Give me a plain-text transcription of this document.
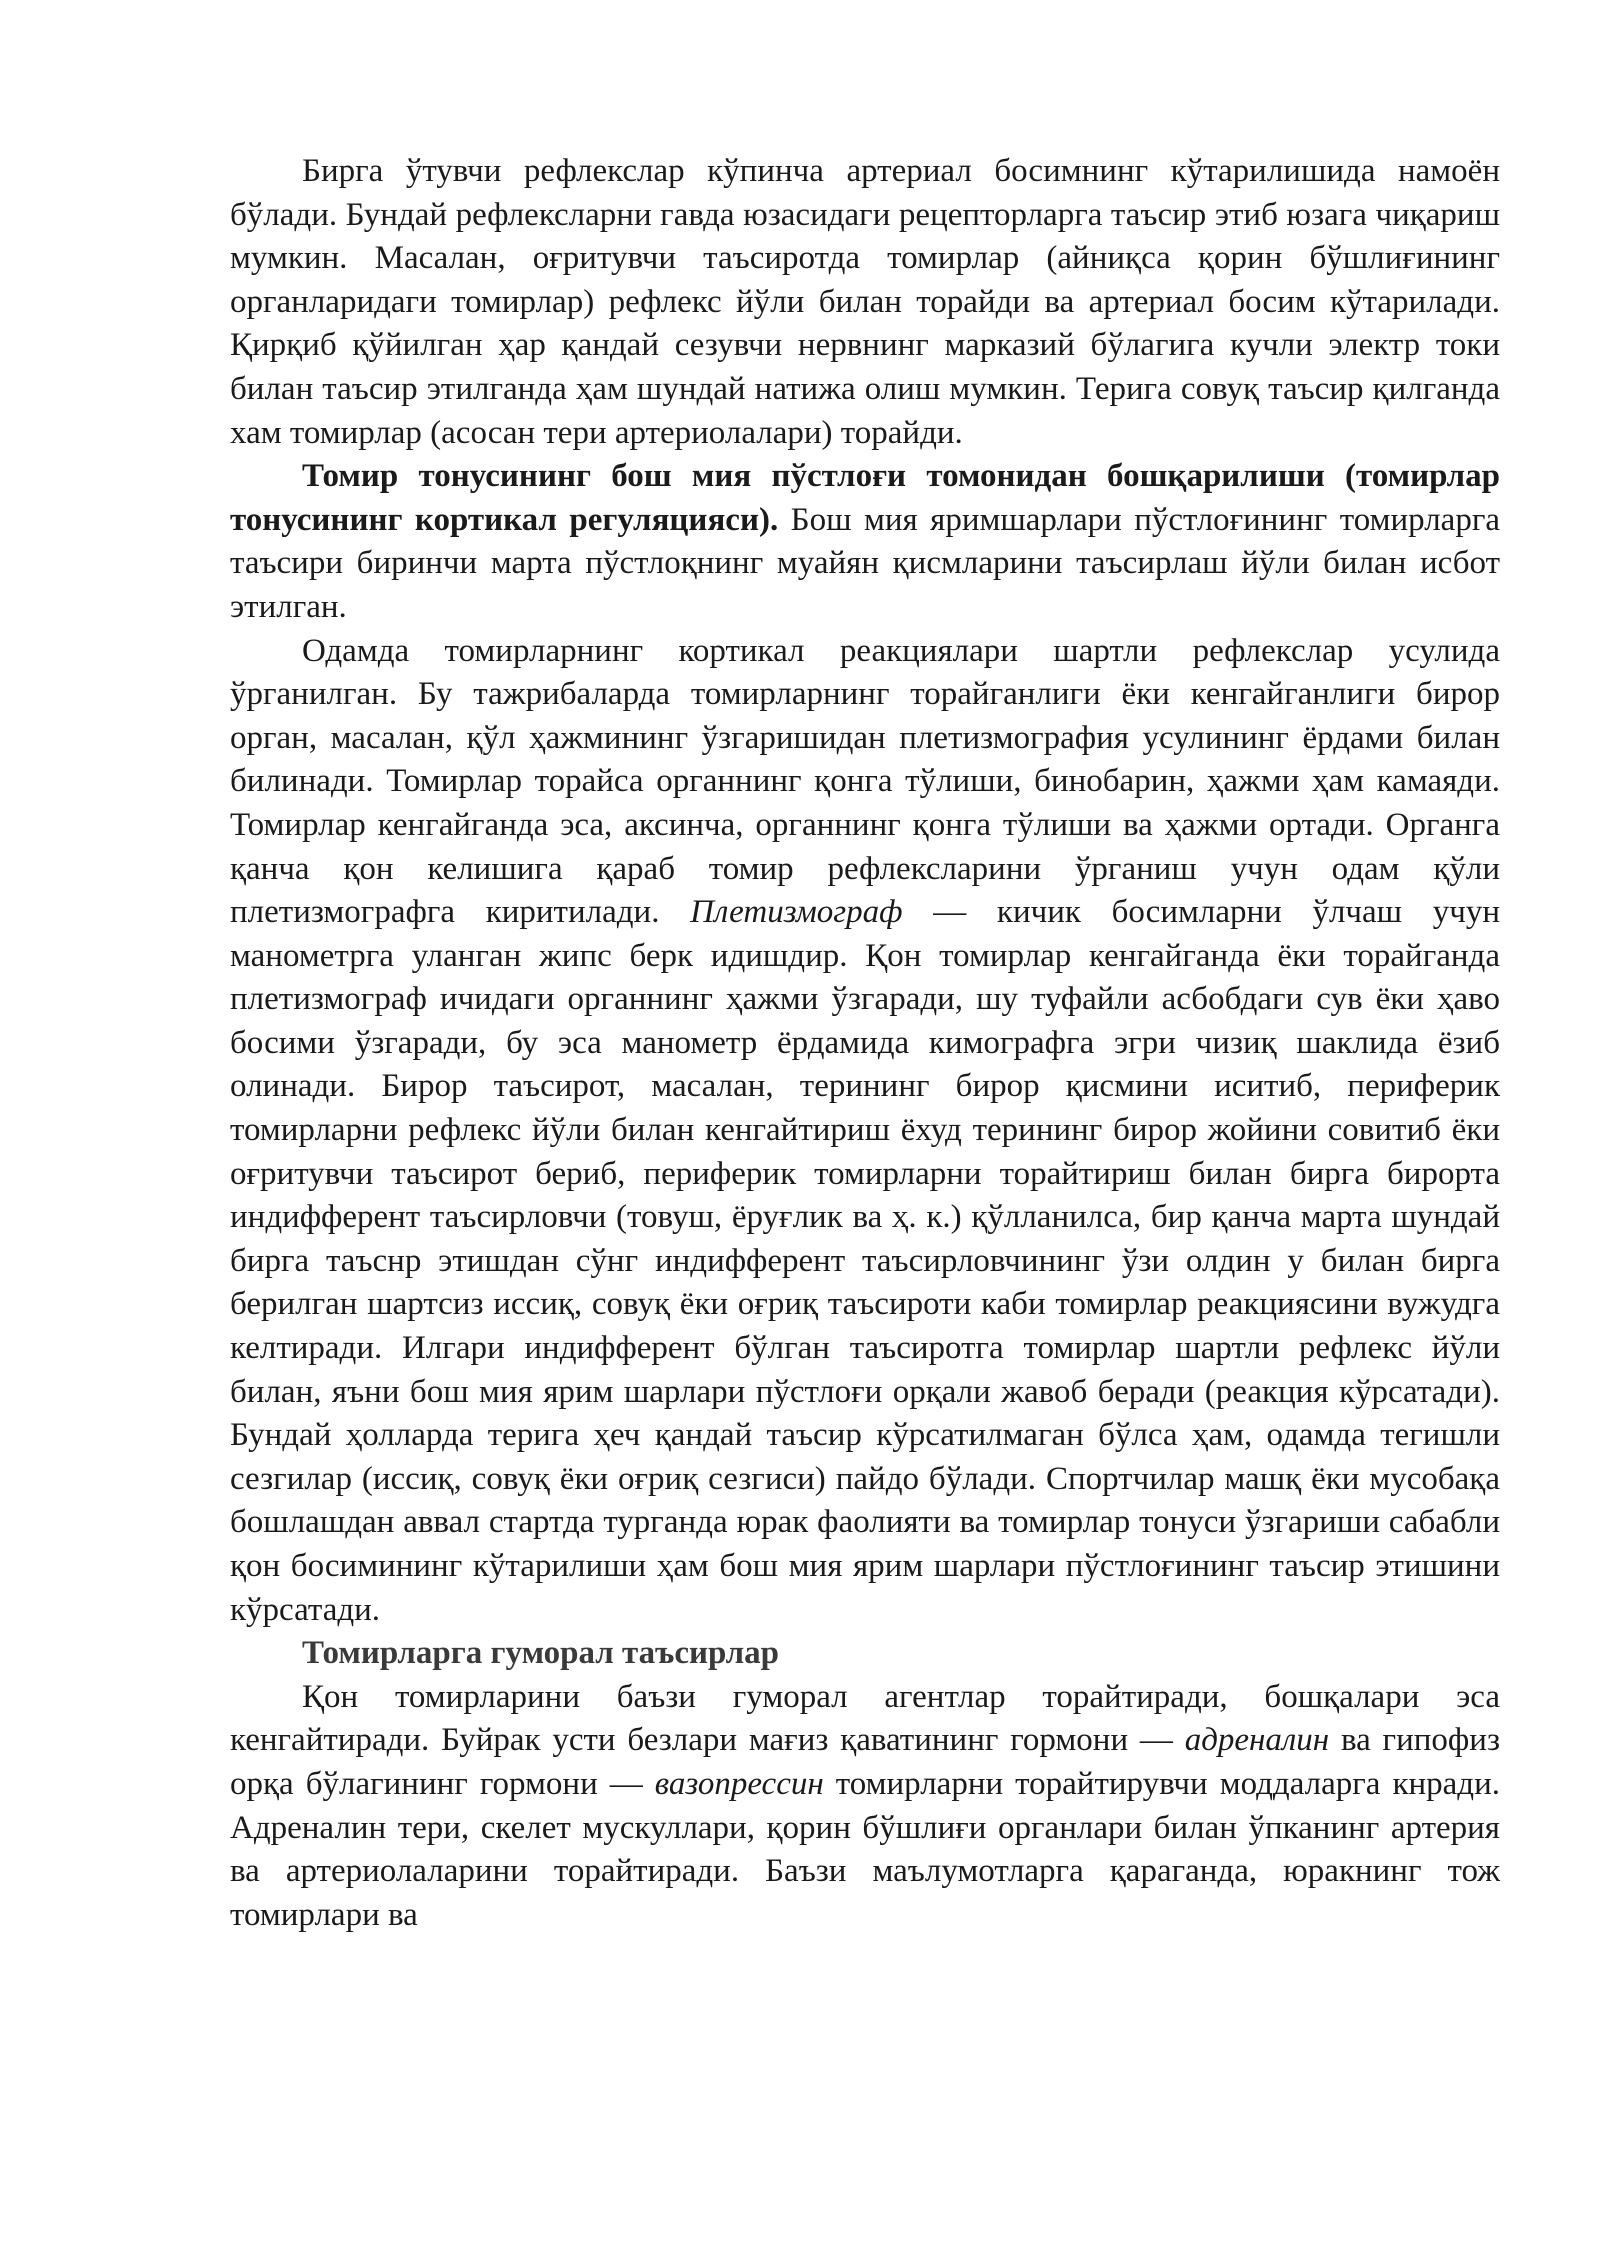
Бирга ўтувчи рефлекслар кўпинча артериал босимнинг кўтарилишида намоён бўлади. Бундай рефлексларни гавда юзасидаги рецепторларга таъсир этиб юзага чиқариш мумкин. Масалан, оғритувчи таъсиротда томирлар (айниқса қорин бўшлиғининг органларидаги томирлар) рефлекс йўли билан торайди ва артериал босим кўтарилади. Қирқиб қўйилган ҳар қандай сезувчи нервнинг марказий бўлагига кучли электр токи билан таъсир этилганда ҳам шундай натижа олиш мумкин. Терига совуқ таъсир қилганда хам томирлар (асосан тери артериолалари) торайди.

Томир тонусининг бош мия пўстлоғи томонидан бошқарилиши (томирлар тонусининг кортикал регуляцияси). Бош мия яримшарлари пўстлоғининг томирларга таъсири биринчи марта пўстлоқнинг муайян қисмларини таъсирлаш йўли билан исбот этилган.

Одамда томирларнинг кортикал реакциялари шартли рефлекслар усулида ўрганилган. Бу тажрибаларда томирларнинг торайганлиги ёки кенгайганлиги бирор орган, масалан, қўл ҳажмининг ўзгаришидан плетизмография усулининг ёрдами билан билинади. Томирлар торайса органнинг қонга тўлиши, бинобарин, ҳажми ҳам камаяди. Томирлар кенгайганда эса, аксинча, органнинг қонга тўлиши ва ҳажми ортади. Органга қанча қон келишига қараб томир рефлексларини ўрганиш учун одам қўли плетизмографга киритилади. Плетизмограф — кичик босимларни ўлчаш учун манометрга уланган жипс берк идишдир. Қон томирлар кенгайганда ёки торайганда плетизмограф ичидаги органнинг ҳажми ўзгаради, шу туфайли асбобдаги сув ёки ҳаво босими ўзгаради, бу эса манометр ёрдамида кимографга эгри чизиқ шаклида ёзиб олинади. Бирор таъсирот, масалан, терининг бирор қисмини иситиб, периферик томирларни рефлекс йўли билан кенгайтириш ёхуд терининг бирор жойини совитиб ёки оғритувчи таъсирот бериб, периферик томирларни торайтириш билан бирга бирорта индифферент таъсирловчи (товуш, ёруғлик ва ҳ. к.) қўлланилса, бир қанча марта шундай бирга таъснр этишдан сўнг индифферент таъсирловчининг ўзи олдин у билан бирга берилган шартсиз иссиқ, совуқ ёки оғриқ таъсироти каби томирлар реакциясини вужудга келтиради. Илгари индифферент бўлган таъсиротга томирлар шартли рефлекс йўли билан, яъни бош мия ярим шарлари пўстлоғи орқали жавоб беради (реакция кўрсатади). Бундай ҳолларда терига ҳеч қандай таъсир кўрсатилмаган бўлса ҳам, одамда тегишли сезгилар (иссиқ, совуқ ёки оғриқ сезгиси) пайдо бўлади. Спортчилар машқ ёки мусобақа бошлашдан аввал стартда турганда юрак фаолияти ва томирлар тонуси ўзгариши сабабли қон босимининг кўтарилиши ҳам бош мия ярим шарлари пўстлоғининг таъсир этишини кўрсатади.

Томирларга гуморал таъсирлар

Қон томирларини баъзи гуморал агентлар торайтиради, бошқалари эса кенгайтиради. Буйрак усти безлари мағиз қаватининг гормони — адреналин ва гипофиз орқа бўлагининг гормони — вазопрессин томирларни торайтирувчи моддаларга кнради. Адреналин тери, скелет мускуллари, қорин бўшлиғи органлари билан ўпканинг артерия ва артериолаларини торайтиради. Баъзи маълумотларга қараганда, юракнинг тож томирлари ва
